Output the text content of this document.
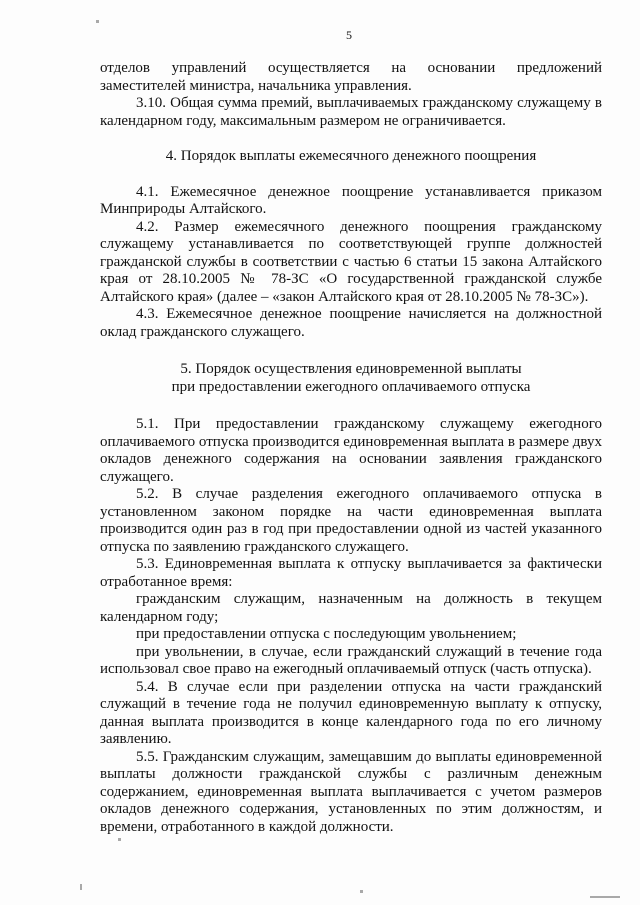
5

отделов управлений осуществляется на основании предложений заместителей министра, начальника управления.

3.10. Общая сумма премий, выплачиваемых гражданскому служащему в календарном году, максимальным размером не ограничивается.

4. Порядок выплаты ежемесячного денежного поощрения

4.1. Ежемесячное денежное поощрение устанавливается приказом Минприроды Алтайского.

4.2. Размер ежемесячного денежного поощрения гражданскому служащему устанавливается по соответствующей группе должностей гражданской службы в соответствии с частью 6 статьи 15 закона Алтайского края от 28.10.2005 № 78-ЗС «О государственной гражданской службе Алтайского края» (далее – «закон Алтайского края от 28.10.2005 № 78-ЗС»).

4.3. Ежемесячное денежное поощрение начисляется на должностной оклад гражданского служащего.

5. Порядок осуществления единовременной выплаты

при предоставлении ежегодного оплачиваемого отпуска

5.1. При предоставлении гражданскому служащему ежегодного оплачиваемого отпуска производится единовременная выплата в размере двух окладов денежного содержания на основании заявления гражданского служащего.

5.2. В случае разделения ежегодного оплачиваемого отпуска в установленном законом порядке на части единовременная выплата производится один раз в год при предоставлении одной из частей указанного отпуска по заявлению гражданского служащего.

5.3. Единовременная выплата к отпуску выплачивается за фактически отработанное время:

гражданским служащим, назначенным на должность в текущем календарном году;

при предоставлении отпуска с последующим увольнением;

при увольнении, в случае, если гражданский служащий в течение года использовал свое право на ежегодный оплачиваемый отпуск (часть отпуска).

5.4. В случае если при разделении отпуска на части гражданский служащий в течение года не получил единовременную выплату к отпуску, данная выплата производится в конце календарного года по его личному заявлению.

5.5. Гражданским служащим, замещавшим до выплаты единовременной выплаты должности гражданской службы с различным денежным содержанием, единовременная выплата выплачивается с учетом размеров окладов денежного содержания, установленных по этим должностям, и времени, отработанного в каждой должности.
